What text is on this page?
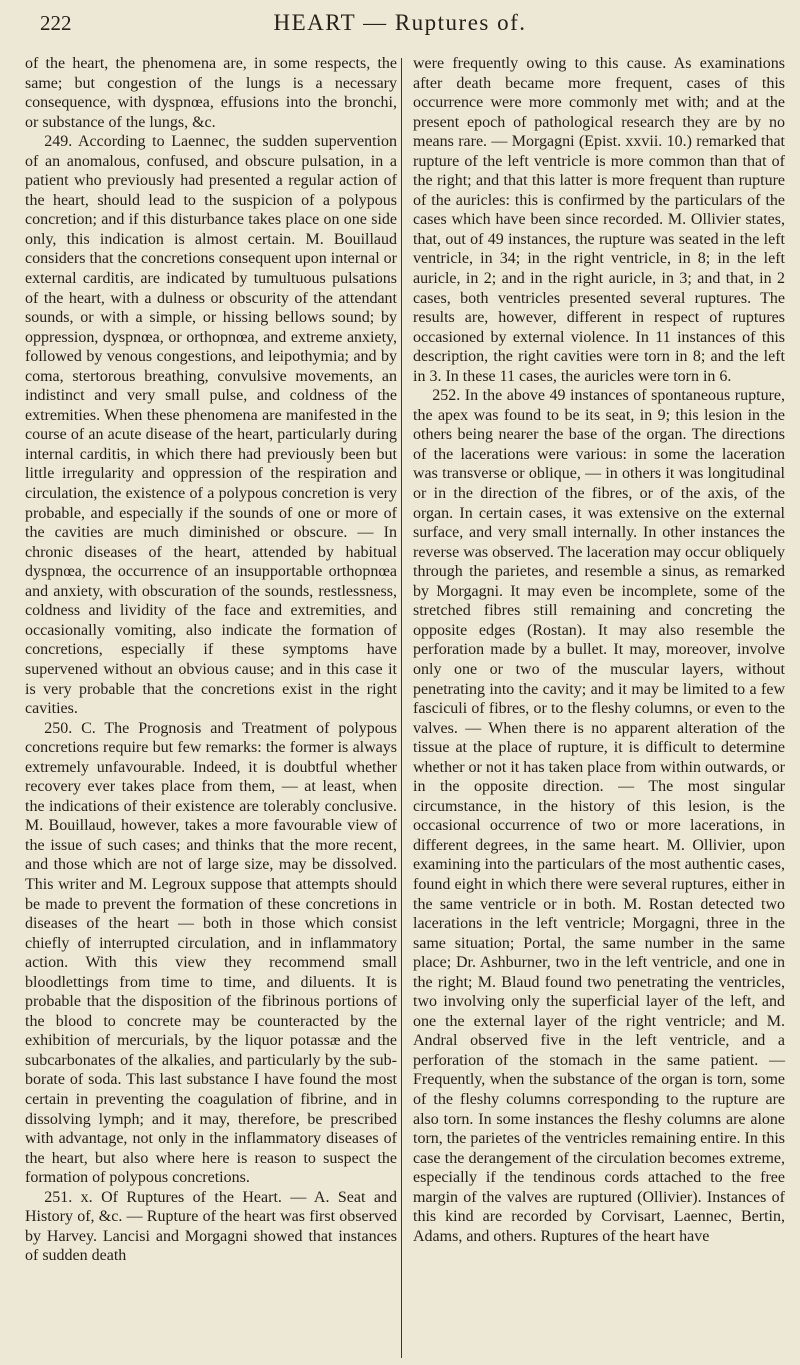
222	HEART — Ruptures of.

of the heart, the phenomena are, in some respects, the same; but congestion of the lungs is a necessary consequence, with dyspnœa, effusions into the bronchi, or substance of the lungs, &c.

249. According to Laennec, the sudden supervention of an anomalous, confused, and obscure pulsation, in a patient who previously had presented a regular action of the heart, should lead to the suspicion of a polypous concretion; and if this disturbance takes place on one side only, this indication is almost certain. M. Bouillaud considers that the concretions consequent upon internal or external carditis, are indicated by tumultuous pulsations of the heart, with a dulness or obscurity of the attendant sounds, or with a simple, or hissing bellows sound; by oppression, dyspnœa, or orthopnœa, and extreme anxiety, followed by venous congestions, and leipothymia; and by coma, stertorous breathing, convulsive movements, an indistinct and very small pulse, and coldness of the extremities. When these phenomena are manifested in the course of an acute disease of the heart, particularly during internal carditis, in which there had previously been but little irregularity and oppression of the respiration and circulation, the existence of a polypous concretion is very probable, and especially if the sounds of one or more of the cavities are much diminished or obscure. — In chronic diseases of the heart, attended by habitual dyspnœa, the occurrence of an insupportable orthopnœa and anxiety, with obscuration of the sounds, restlessness, coldness and lividity of the face and extremities, and occasionally vomiting, also indicate the formation of concretions, especially if these symptoms have supervened without an obvious cause; and in this case it is very probable that the concretions exist in the right cavities.

250. C. The Prognosis and Treatment of polypous concretions require but few remarks: the former is always extremely unfavourable. Indeed, it is doubtful whether recovery ever takes place from them, — at least, when the indications of their existence are tolerably conclusive. M. Bouillaud, however, takes a more favourable view of the issue of such cases; and thinks that the more recent, and those which are not of large size, may be dissolved. This writer and M. Legroux suppose that attempts should be made to prevent the formation of these concretions in diseases of the heart — both in those which consist chiefly of interrupted circulation, and in inflammatory action. With this view they recommend small bloodlettings from time to time, and diluents. It is probable that the disposition of the fibrinous portions of the blood to concrete may be counteracted by the exhibition of mercurials, by the liquor potassæ and the subcarbonates of the alkalies, and particularly by the sub-borate of soda. This last substance I have found the most certain in preventing the coagulation of fibrine, and in dissolving lymph; and it may, therefore, be prescribed with advantage, not only in the inflammatory diseases of the heart, but also where here is reason to suspect the formation of polypous concretions.

251. x. Of Ruptures of the Heart. — A. Seat and History of, &c. — Rupture of the heart was first observed by Harvey. Lancisi and Morgagni showed that instances of sudden death

were frequently owing to this cause. As examinations after death became more frequent, cases of this occurrence were more commonly met with; and at the present epoch of pathological research they are by no means rare. — Morgagni (Epist. xxvii. 10.) remarked that rupture of the left ventricle is more common than that of the right; and that this latter is more frequent than rupture of the auricles: this is confirmed by the particulars of the cases which have been since recorded. M. Ollivier states, that, out of 49 instances, the rupture was seated in the left ventricle, in 34; in the right ventricle, in 8; in the left auricle, in 2; and in the right auricle, in 3; and that, in 2 cases, both ventricles presented several ruptures. The results are, however, different in respect of ruptures occasioned by external violence. In 11 instances of this description, the right cavities were torn in 8; and the left in 3. In these 11 cases, the auricles were torn in 6.

252. In the above 49 instances of spontaneous rupture, the apex was found to be its seat, in 9; this lesion in the others being nearer the base of the organ. The directions of the lacerations were various: in some the laceration was transverse or oblique, — in others it was longitudinal or in the direction of the fibres, or of the axis, of the organ. In certain cases, it was extensive on the external surface, and very small internally. In other instances the reverse was observed. The laceration may occur obliquely through the parietes, and resemble a sinus, as remarked by Morgagni. It may even be incomplete, some of the stretched fibres still remaining and concreting the opposite edges (Rostan). It may also resemble the perforation made by a bullet. It may, moreover, involve only one or two of the muscular layers, without penetrating into the cavity; and it may be limited to a few fasciculi of fibres, or to the fleshy columns, or even to the valves. — When there is no apparent alteration of the tissue at the place of rupture, it is difficult to determine whether or not it has taken place from within outwards, or in the opposite direction. — The most singular circumstance, in the history of this lesion, is the occasional occurrence of two or more lacerations, in different degrees, in the same heart. M. Ollivier, upon examining into the particulars of the most authentic cases, found eight in which there were several ruptures, either in the same ventricle or in both. M. Rostan detected two lacerations in the left ventricle; Morgagni, three in the same situation; Portal, the same number in the same place; Dr. Ashburner, two in the left ventricle, and one in the right; M. Blaud found two penetrating the ventricles, two involving only the superficial layer of the left, and one the external layer of the right ventricle; and M. Andral observed five in the left ventricle, and a perforation of the stomach in the same patient. — Frequently, when the substance of the organ is torn, some of the fleshy columns corresponding to the rupture are also torn. In some instances the fleshy columns are alone torn, the parietes of the ventricles remaining entire. In this case the derangement of the circulation becomes extreme, especially if the tendinous cords attached to the free margin of the valves are ruptured (Ollivier). Instances of this kind are recorded by Corvisart, Laennec, Bertin, Adams, and others. Ruptures of the heart have
